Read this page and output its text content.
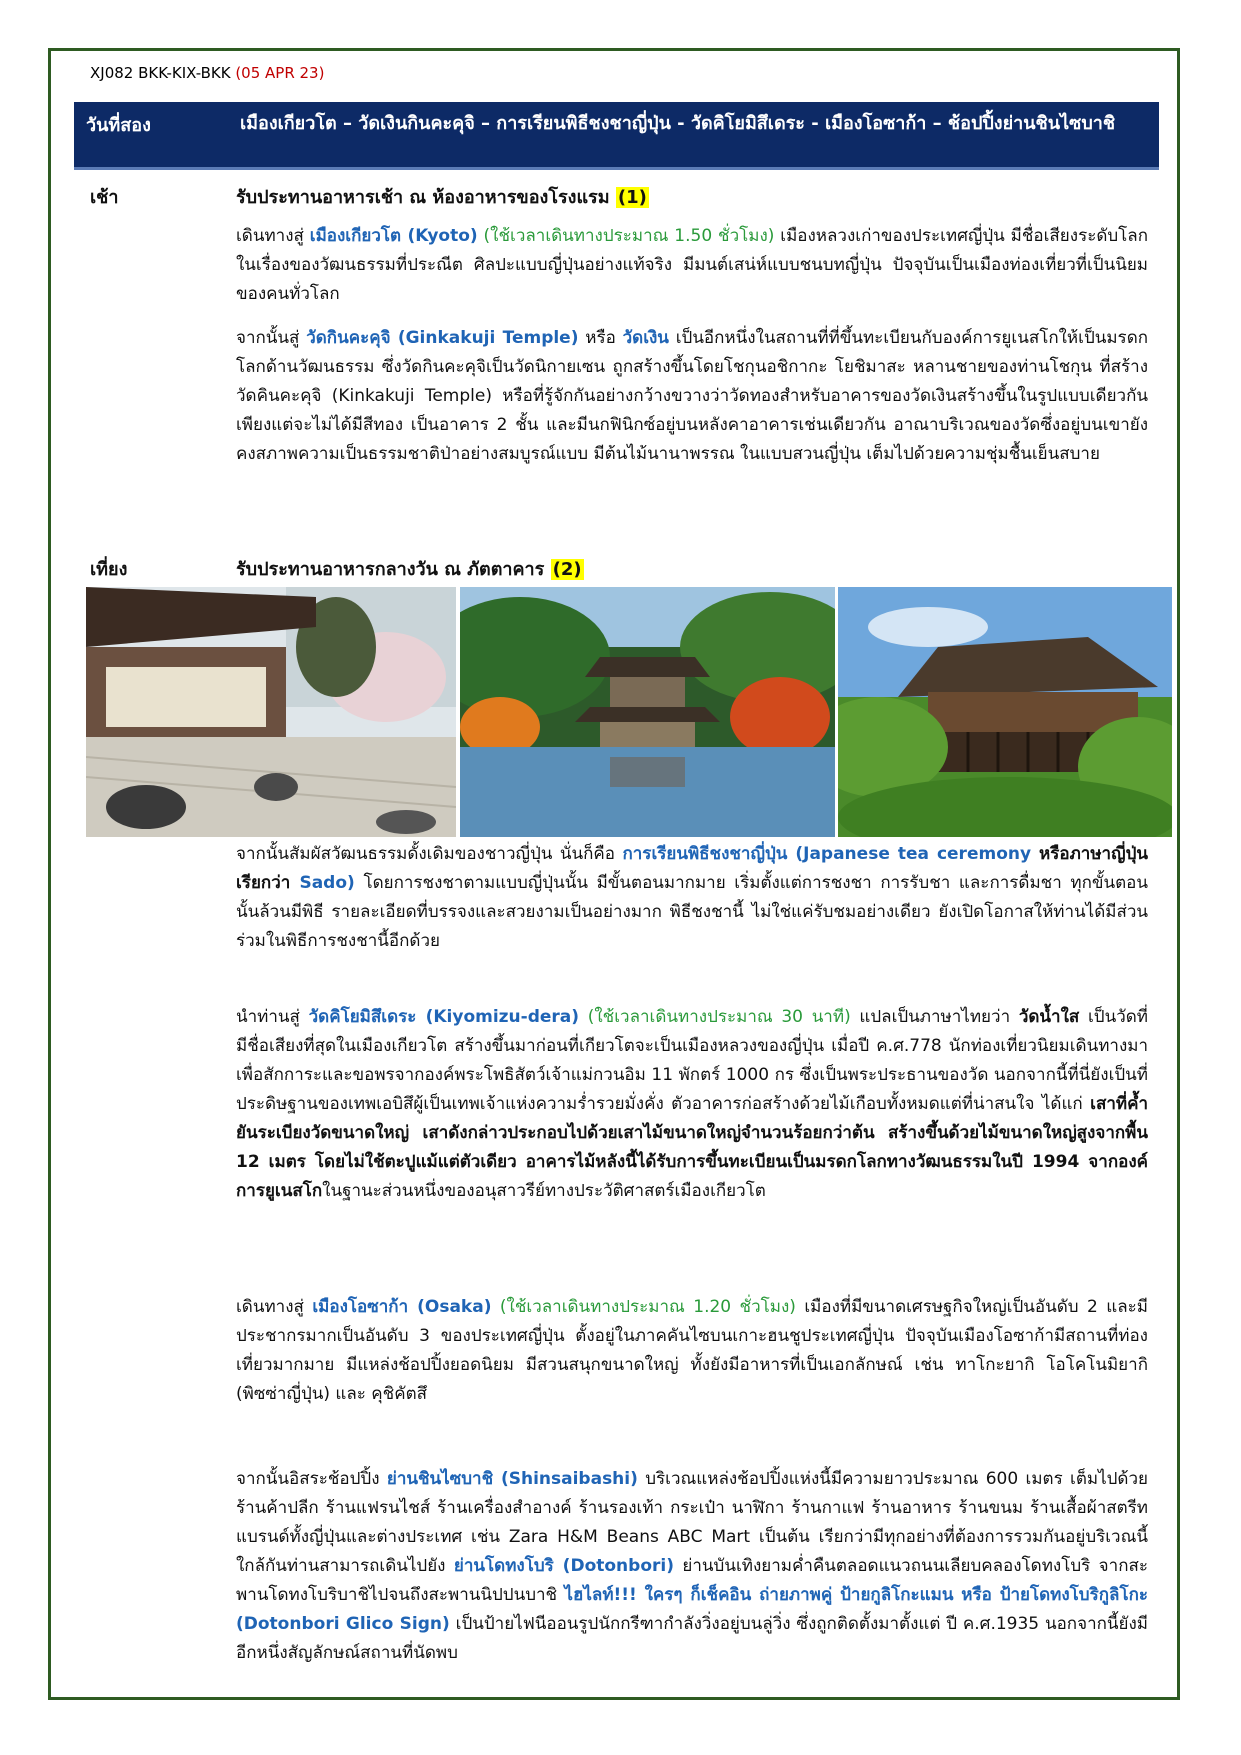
XJ082 BKK-KIX-BKK (05 APR 23)
วันที่สอง	เมืองเกียวโต – วัดเงินกินคะคุจิ – การเรียนพิธีชงชาญี่ปุ่น - วัดคิโยมิสึเดระ - เมืองโอซาก้า – ช้อปปิ้งย่านชินไซบาชิ
เช้า	รับประทานอาหารเช้า ณ ห้องอาหารของโรงแรม (1)
เดินทางสู่ เมืองเกียวโต (Kyoto) (ใช้เวลาเดินทางประมาณ 1.50 ชั่วโมง) เมืองหลวงเก่าของประเทศญี่ปุ่น มีชื่อเสียงระดับโลกในเรื่องของวัฒนธรรมที่ประณีต ศิลปะแบบญี่ปุ่นอย่างแท้จริง มีมนต์เสน่ห์แบบชนบทญี่ปุ่น ปัจจุบันเป็นเมืองท่องเที่ยวที่เป็นนิยมของคนทั่วโลก
จากนั้นสู่ วัดกินคะคุจิ (Ginkakuji Temple) หรือ วัดเงิน เป็นอีกหนึ่งในสถานที่ที่ขึ้นทะเบียนกับองค์การยูเนสโกให้เป็นมรดกโลกด้านวัฒนธรรม ซึ่งวัดกินคะคุจิเป็นวัดนิกายเซน ถูกสร้างขึ้นโดยโชกุนอชิกากะ โยชิมาสะ หลานชายของท่านโชกุน ที่สร้างวัดคินคะคุจิ (Kinkakuji Temple) หรือที่รู้จักกันอย่างกว้างขวางว่าวัดทองสำหรับอาคารของวัดเงินสร้างขึ้นในรูปแบบเดียวกัน เพียงแต่จะไม่ได้มีสีทอง เป็นอาคาร 2 ชั้น และมีนกฟินิกซ์อยู่บนหลังคาอาคารเช่นเดียวกัน อาณาบริเวณของวัดซึ่งอยู่บนเขายังคงสภาพความเป็นธรรมชาติป่าอย่างสมบูรณ์แบบ มีต้นไม้นานาพรรณ ในแบบสวนญี่ปุ่น เต็มไปด้วยความชุ่มชื้นเย็นสบาย
เที่ยง	รับประทานอาหารกลางวัน ณ ภัตตาคาร (2)
จากนั้นสัมผัสวัฒนธรรมดั้งเดิมของชาวญี่ปุ่น นั่นก็คือ การเรียนพิธีชงชาญี่ปุ่น (Japanese tea ceremony หรือภาษาญี่ปุ่นเรียกว่า Sado) โดยการชงชาตามแบบญี่ปุ่นนั้น มีขั้นตอนมากมาย เริ่มตั้งแต่การชงชา การรับชา และการดื่มชา ทุกขั้นตอนนั้นล้วนมีพิธี รายละเอียดที่บรรจงและสวยงามเป็นอย่างมาก พิธีชงชานี้ ไม่ใช่แค่รับชมอย่างเดียว ยังเปิดโอกาสให้ท่านได้มีส่วนร่วมในพิธีการชงชานี้อีกด้วย
นำท่านสู่ วัดคิโยมิสึเดระ (Kiyomizu-dera) (ใช้เวลาเดินทางประมาณ 30 นาที) แปลเป็นภาษาไทยว่า วัดน้ำใส เป็นวัดที่มีชื่อเสียงที่สุดในเมืองเกียวโต สร้างขึ้นมาก่อนที่เกียวโตจะเป็นเมืองหลวงของญี่ปุ่น เมื่อปี ค.ศ.778 นักท่องเที่ยวนิยมเดินทางมาเพื่อสักการะและขอพรจากองค์พระโพธิสัตว์เจ้าแม่กวนอิม 11 พักตร์ 1000 กร ซึ่งเป็นพระประธานของวัด นอกจากนี้ที่นี่ยังเป็นที่ประดิษฐานของเทพเอบิสึผู้เป็นเทพเจ้าแห่งความร่ำรวยมั่งคั่ง ตัวอาคารก่อสร้างด้วยไม้เกือบทั้งหมดแต่ที่น่าสนใจ ได้แก่ เสาที่ค้ำยันระเบียงวัดขนาดใหญ่ เสาดังกล่าวประกอบไปด้วยเสาไม้ขนาดใหญ่จำนวนร้อยกว่าต้น สร้างขึ้นด้วยไม้ขนาดใหญ่สูงจากพื้น 12 เมตร โดยไม่ใช้ตะปูแม้แต่ตัวเดียว อาคารไม้หลังนี้ได้รับการขึ้นทะเบียนเป็นมรดกโลกทางวัฒนธรรมในปี 1994 จากองค์การยูเนสโกในฐานะส่วนหนึ่งของอนุสาวรีย์ทางประวัติศาสตร์เมืองเกียวโต
เดินทางสู่ เมืองโอซาก้า (Osaka) (ใช้เวลาเดินทางประมาณ 1.20 ชั่วโมง) เมืองที่มีขนาดเศรษฐกิจใหญ่เป็นอันดับ 2 และมีประชากรมากเป็นอันดับ 3 ของประเทศญี่ปุ่น ตั้งอยู่ในภาคคันไซบนเกาะฮนชูประเทศญี่ปุ่น ปัจจุบันเมืองโอซาก้ามีสถานที่ท่องเที่ยวมากมาย มีแหล่งช้อปปิ้งยอดนิยม มีสวนสนุกขนาดใหญ่ ทั้งยังมีอาหารที่เป็นเอกลักษณ์ เช่น ทาโกะยากิ โอโคโนมิยากิ (พิซซ่าญี่ปุ่น) และ คุชิคัตสึ
จากนั้นอิสระช้อปปิ้ง ย่านชินไซบาชิ (Shinsaibashi) บริเวณแหล่งช้อปปิ้งแห่งนี้มีความยาวประมาณ 600 เมตร เต็มไปด้วยร้านค้าปลีก ร้านแฟรนไชส์ ร้านเครื่องสำอางค์ ร้านรองเท้า กระเป๋า นาฬิกา ร้านกาแฟ ร้านอาหาร ร้านขนม ร้านเสื้อผ้าสตรีทแบรนด์ทั้งญี่ปุ่นและต่างประเทศ เช่น Zara H&M Beans ABC Mart เป็นต้น เรียกว่ามีทุกอย่างที่ต้องการรวมกันอยู่บริเวณนี้ ใกล้กันท่านสามารถเดินไปยัง ย่านโดทงโบริ (Dotonbori) ย่านบันเทิงยามค่ำคืนตลอดแนวถนนเลียบคลองโดทงโบริ จากสะพานโดทงโบริบาชิไปจนถึงสะพานนิปปนบาชิ ไฮไลท์!!! ใครๆ ก็เช็คอิน ถ่ายภาพคู่ ป้ายกูลิโกะแมน หรือ ป้ายโดทงโบริกูลิโกะ (Dotonbori Glico Sign) เป็นป้ายไฟนีออนรูปนักกรีฑากำลังวิ่งอยู่บนลู่วิ่ง ซึ่งถูกติดตั้งมาตั้งแต่ ปี ค.ศ.1935 นอกจากนี้ยังมีอีกหนึ่งสัญลักษณ์สถานที่นัดพบ
